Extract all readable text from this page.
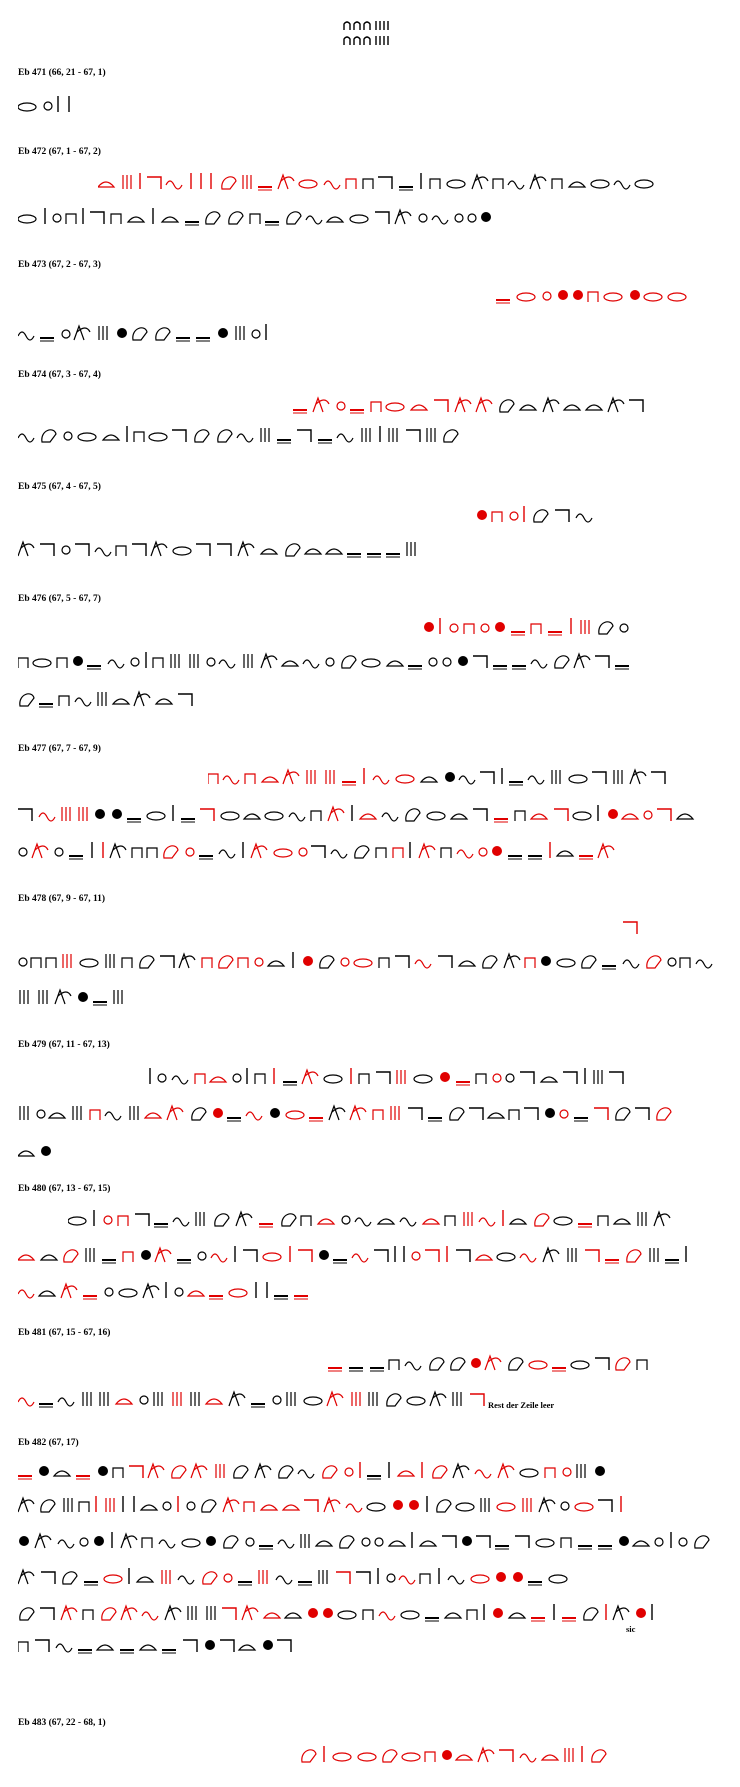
Eb 471 (66, 21 - 67, 1)
Eb 472 (67, 1 - 67, 2)
Eb 473 (67, 2 - 67, 3)
Eb 474 (67, 3 - 67, 4)
Eb 475 (67, 4 - 67, 5)
Eb 476 (67, 5 - 67, 7)
Eb 477 (67, 7 - 67, 9)
Eb 478 (67, 9 - 67, 11)
Eb 479 (67, 11 - 67, 13)
Eb 480 (67, 13 - 67, 15)
Eb 481 (67, 15 - 67, 16)
Rest der Zeile leer
Eb 482 (67, 17)
sic
Eb 483 (67, 22 - 68, 1)
